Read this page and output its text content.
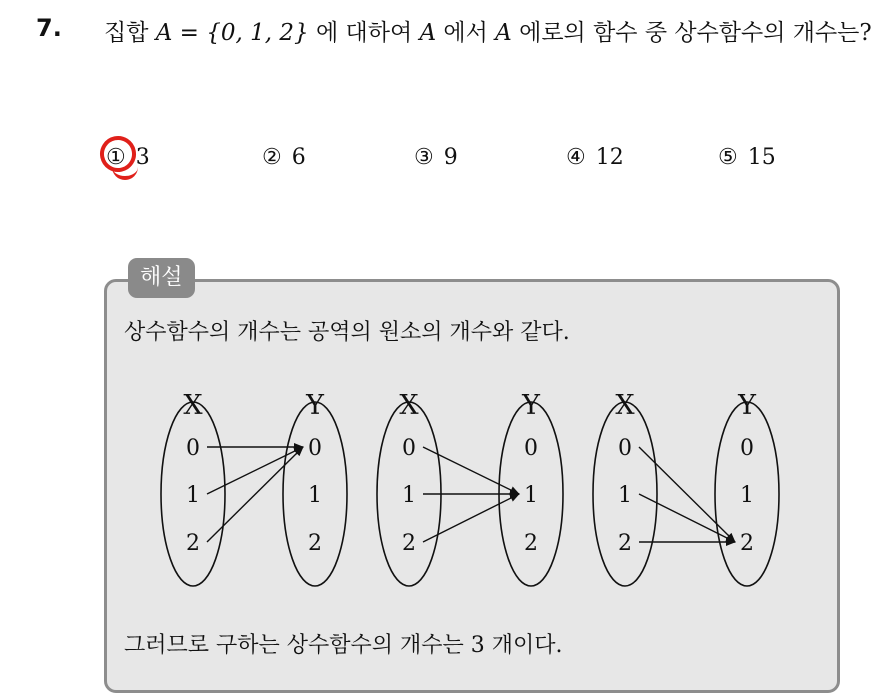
7. 집합 A = {0, 1, 2} 에 대하여 A 에서 A 에로의 함수 중 상수함수의 개수는?
① 3	② 6	③ 9	④ 12	⑤ 15
해설
상수함수의 개수는 공역의 원소의 개수와 같다.
X	Y
0
1
2
0
1
2
X	Y
0
1
2
0
1
2
X	Y
0
1
2
0
1
2
그러므로 구하는 상수함수의 개수는 3 개이다.
